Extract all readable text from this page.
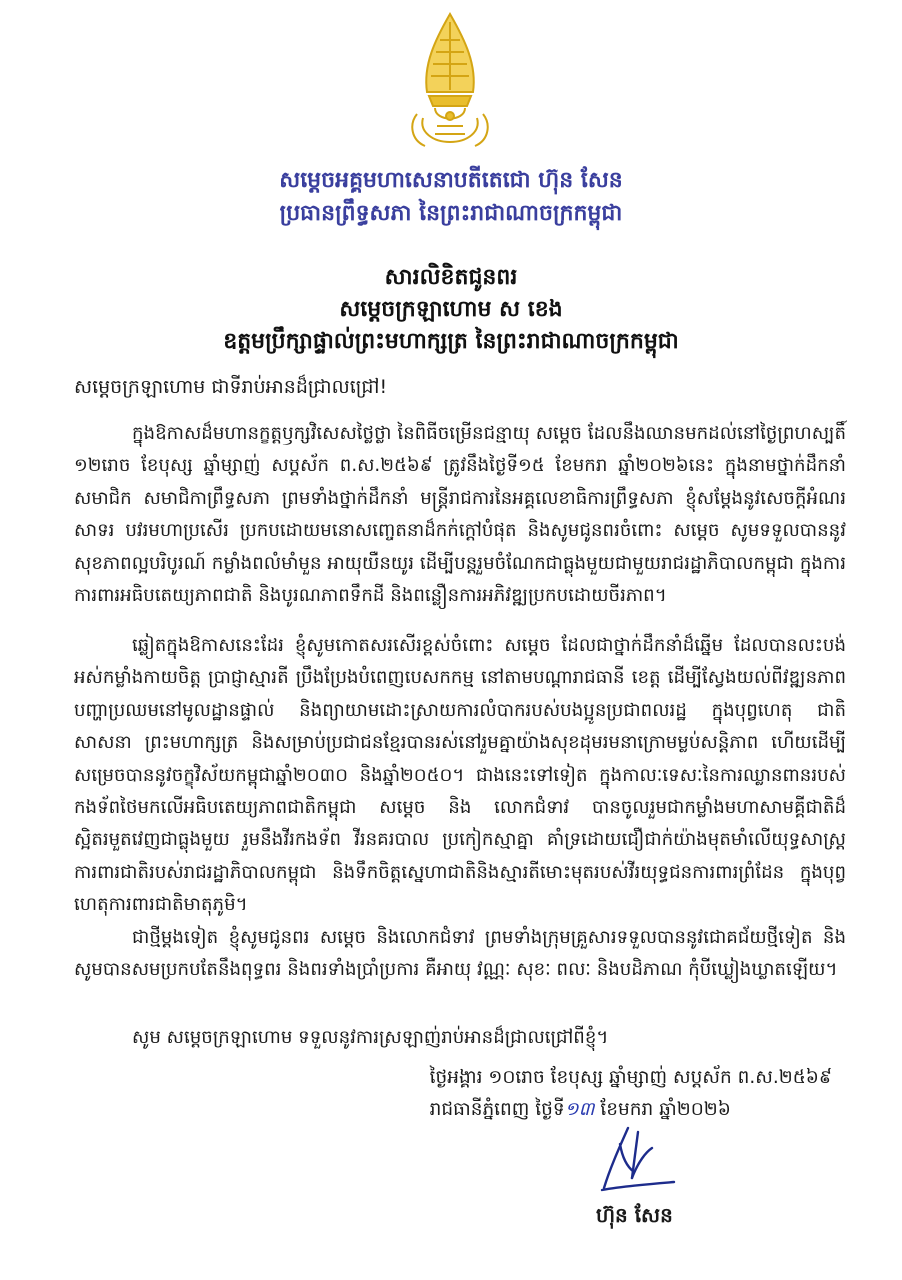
សម្តេចអគ្គមហាសេនាបតីតេជោ ហ៊ុន សែន
ប្រធានព្រឹទ្ធសភា នៃព្រះរាជាណាចក្រកម្ពុជា
សារលិខិតជូនពរ
សម្តេចក្រឡាហោម ស ខេង
ឧត្តមប្រឹក្សាផ្ទាល់ព្រះមហាក្សត្រ នៃព្រះរាជាណាចក្រកម្ពុជា
សម្តេចក្រឡាហោម ជាទីរាប់អានដ៏ជ្រាលជ្រៅ!
ក្នុងឱកាសដ៏មហានក្ខត្តឫក្សវិសេសថ្លៃថ្លា នៃពិធីចម្រើនជន្មាយុ សម្តេច ដែលនឹងឈានមកដល់នៅថ្ងៃព្រហស្បតិ៍ ១២រោច ខែបុស្ស ឆ្នាំម្សាញ់ សប្តស័ក ព.ស.២៥៦៩ ត្រូវនឹងថ្ងៃទី១៥ ខែមករា ឆ្នាំ២០២៦នេះ ក្នុងនាមថ្នាក់ដឹកនាំ សមាជិក សមាជិកាព្រឹទ្ធសភា ព្រមទាំងថ្នាក់ដឹកនាំ មន្ត្រីរាជការនៃអគ្គលេខាធិការព្រឹទ្ធសភា ខ្ញុំសម្តែងនូវសេចក្តីអំណរសាទរ បវរមហាប្រសើរ ប្រកបដោយមនោសញ្ចេតនាដ៏កក់ក្តៅបំផុត និងសូមជូនពរចំពោះ សម្តេច សូមទទួលបាននូវសុខភាពល្អបរិបូរណ៍ កម្លាំងពលំមាំមួន អាយុយឺនយូរ ដើម្បីបន្តរួមចំណែកជាធ្លុងមួយជាមួយរាជរដ្ឋាភិបាលកម្ពុជា ក្នុងការការពារអធិបតេយ្យភាពជាតិ និងបូរណភាពទឹកដី និងពន្លឿនការអភិវឌ្ឍប្រកបដោយចីរភាព។
ឆ្លៀតក្នុងឱកាសនេះដែរ ខ្ញុំសូមកោតសរសើរខ្ពស់ចំពោះ សម្តេច ដែលជាថ្នាក់ដឹកនាំដ៏ឆ្នើម ដែលបានលះបង់អស់កម្លាំងកាយចិត្ត ប្រាជ្ញាស្មារតី ប្រឹងប្រែងបំពេញបេសកកម្ម នៅតាមបណ្តារាជធានី ខេត្ត ដើម្បីស្វែងយល់ពីវឌ្ឍនភាព បញ្ហាប្រឈមនៅមូលដ្ឋានផ្ទាល់ និងព្យាយាមដោះស្រាយការលំបាករបស់បងប្អូនប្រជាពលរដ្ឋ ក្នុងបុព្វហេតុ ជាតិ សាសនា ព្រះមហាក្សត្រ និងសម្រាប់ប្រជាជនខ្មែរបានរស់នៅរួមគ្នាយ៉ាងសុខដុមរមនាក្រោមម្លប់សន្តិភាព ហើយដើម្បីសម្រេចបាននូវចក្ខុវិស័យកម្ពុជាឆ្នាំ២០៣០ និងឆ្នាំ២០៥០។ ជាងនេះទៅទៀត ក្នុងកាលៈទេសៈនៃការឈ្លានពានរបស់កងទ័ពថៃមកលើអធិបតេយ្យភាពជាតិកម្ពុជា សម្តេច និង លោកជំទាវ បានចូលរួមជាកម្លាំងមហាសាមគ្គីជាតិដ៏ស្អិតរមួតវេញជាធ្លុងមួយ រួមនឹងវីរកងទ័ព វីរនគរបាល ប្រកៀកស្មាគ្នា គាំទ្រដោយជឿជាក់យ៉ាងមុតមាំលើយុទ្ធសាស្ត្រការពារជាតិរបស់រាជរដ្ឋាភិបាលកម្ពុជា និងទឹកចិត្តស្នេហាជាតិនិងស្មារតីមោះមុតរបស់វីរយុទ្ធជនការពារព្រំដែន ក្នុងបុព្វហេតុការពារជាតិមាតុភូមិ។
ជាថ្មីម្តងទៀត ខ្ញុំសូមជូនពរ សម្តេច និងលោកជំទាវ ព្រមទាំងក្រុមគ្រួសារទទួលបាននូវជោគជ័យថ្មីទៀត និងសូមបានសមប្រកបតែនឹងពុទ្ធពរ និងពរទាំងប្រាំប្រការ គឺអាយុ វណ្ណៈ សុខៈ ពលៈ និងបដិភាណ កុំបីឃ្លៀងឃ្លាតឡើយ។
សូម សម្តេចក្រឡាហោម ទទួលនូវការស្រឡាញ់រាប់អានដ៏ជ្រាលជ្រៅពីខ្ញុំ។
ថ្ងៃអង្គារ ១០រោច ខែបុស្ស ឆ្នាំម្សាញ់ សប្តស័ក ព.ស.២៥៦៩
រាជធានីភ្នំពេញ ថ្ងៃទី១៣ ខែមករា ឆ្នាំ២០២៦
ហ៊ុន សែន
